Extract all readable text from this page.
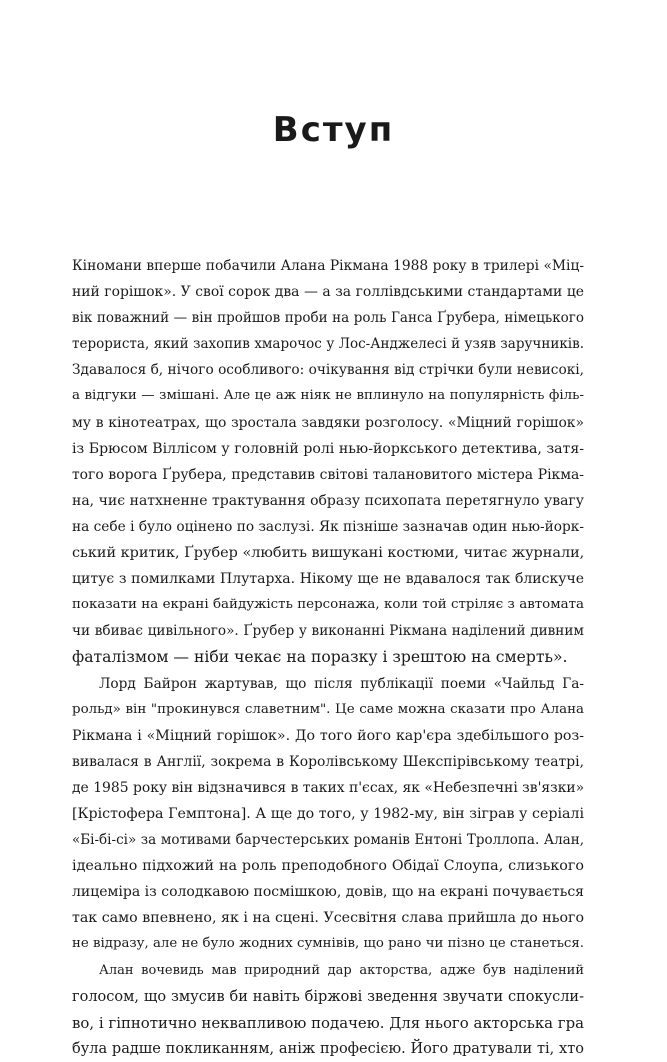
Вступ
Кіномани вперше побачили Алана Рікмана 1988 року в трилері «Міц-
ний горішок». У свої сорок два — а за голлівдськими стандартами це
вік поважний — він пройшов проби на роль Ганса Ґрубера, німецького
терориста, який захопив хмарочос у Лос-Анджелесі й узяв заручників.
Здавалося б, нічого особливого: очікування від стрічки були невисокі,
а відгуки — змішані. Але це аж ніяк не вплинуло на популярність філь-
му в кінотеатрах, що зростала завдяки розголосу. «Міцний горішок»
із Брюсом Віллісом у головній ролі нью-йоркського детектива, затя-
того ворога Ґрубера, представив світові талановитого містера Рікма-
на, чиє натхненне трактування образу психопата перетягнуло увагу
на себе і було оцінено по заслузі. Як пізніше зазначав один нью-йорк-
ський критик, Ґрубер «любить вишукані костюми, читає журнали,
цитує з помилками Плутарха. Нікому ще не вдавалося так блискуче
показати на екрані байдужість персонажа, коли той стріляє з автомата
чи вбиває цивільного». Ґрубер у виконанні Рікмана наділений дивним
фаталізмом — ніби чекає на поразку і зрештою на смерть».
Лорд Байрон жартував, що після публікації поеми «Чайльд Га-
рольд» він "прокинувся славетним". Це саме можна сказати про Алана
Рікмана і «Міцний горішок». До того його кар'єра здебільшого роз-
вивалася в Англії, зокрема в Королівському Шекспірівському театрі,
де 1985 року він відзначився в таких п'єсах, як «Небезпечні зв'язки»
[Крістофера Гемптона]. А ще до того, у 1982-му, він зіграв у серіалі
«Бі-бі-сі» за мотивами барчестерських романів Ентоні Троллопа. Алан,
ідеально підхожий на роль преподобного Обідаї Слоупа, слизького
лицеміра із солодкавою посмішкою, довів, що на екрані почувається
так само впевнено, як і на сцені. Усесвітня слава прийшла до нього
не відразу, але не було жодних сумнівів, що рано чи пізно це станеться.
Алан вочевидь мав природний дар акторства, адже був наділений
голосом, що змусив би навіть біржові зведення звучати спокусли-
во, і гіпнотично неквапливою подачею. Для нього акторська гра
була радше покликанням, аніж професією. Його дратували ті, хто
